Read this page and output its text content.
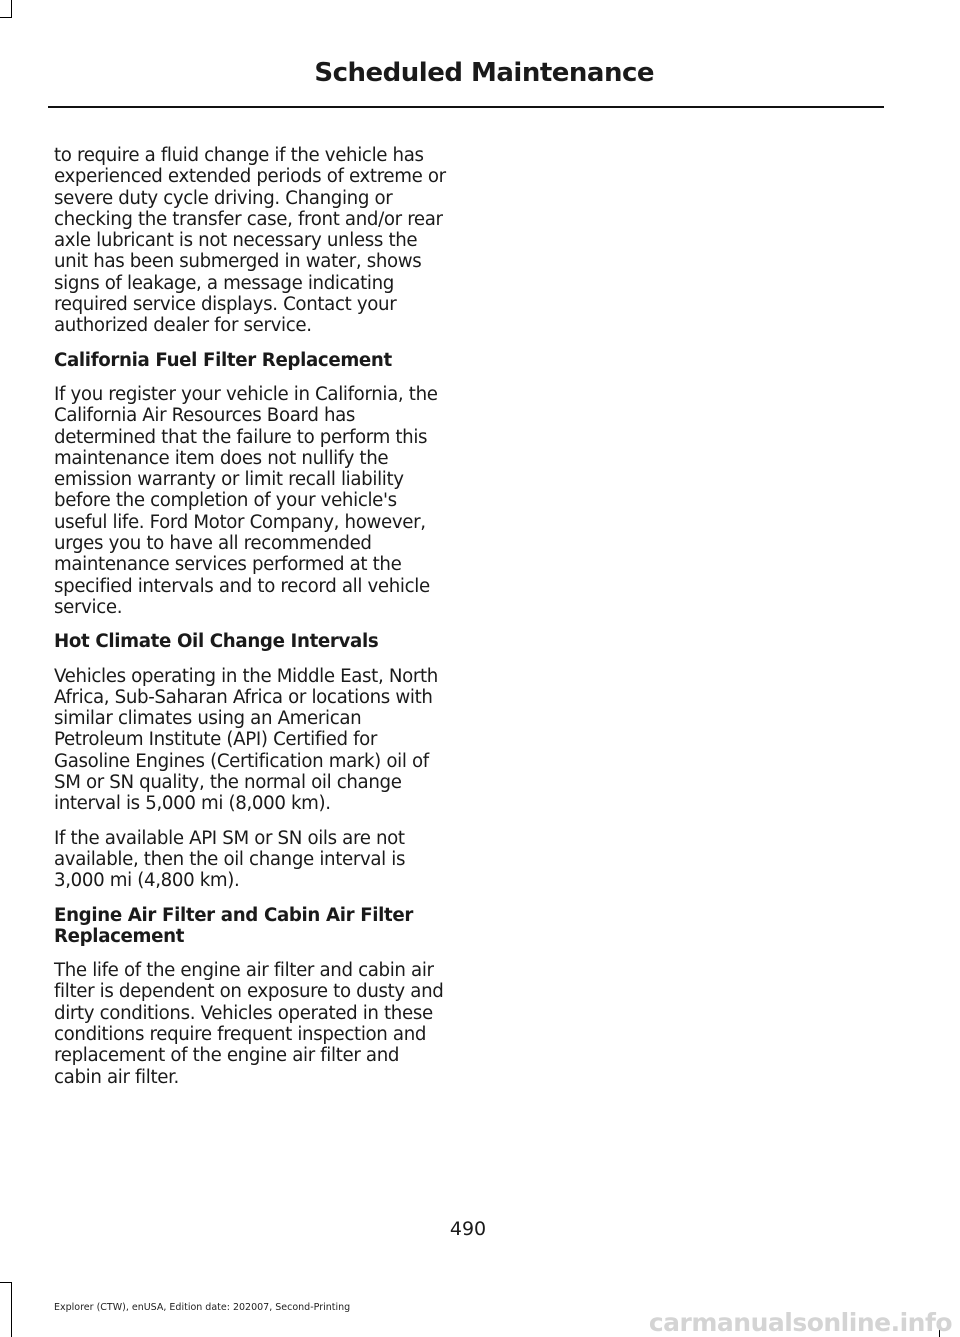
Scheduled Maintenance

to require a fluid change if the vehicle has experienced extended periods of extreme or severe duty cycle driving. Changing or checking the transfer case, front and/or rear axle lubricant is not necessary unless the unit has been submerged in water, shows signs of leakage, a message indicating required service displays. Contact your authorized dealer for service.

California Fuel Filter Replacement

If you register your vehicle in California, the California Air Resources Board has determined that the failure to perform this maintenance item does not nullify the emission warranty or limit recall liability before the completion of your vehicle's useful life. Ford Motor Company, however, urges you to have all recommended maintenance services performed at the specified intervals and to record all vehicle service.

Hot Climate Oil Change Intervals

Vehicles operating in the Middle East, North Africa, Sub-Saharan Africa or locations with similar climates using an American Petroleum Institute (API) Certified for Gasoline Engines (Certification mark) oil of SM or SN quality, the normal oil change interval is 5,000 mi (8,000 km).

If the available API SM or SN oils are not available, then the oil change interval is 3,000 mi (4,800 km).

Engine Air Filter and Cabin Air Filter Replacement

The life of the engine air filter and cabin air filter is dependent on exposure to dusty and dirty conditions. Vehicles operated in these conditions require frequent inspection and replacement of the engine air filter and cabin air filter.

490
Explorer (CTW), enUSA, Edition date: 202007, Second-Printing
carmanualsonline.info
